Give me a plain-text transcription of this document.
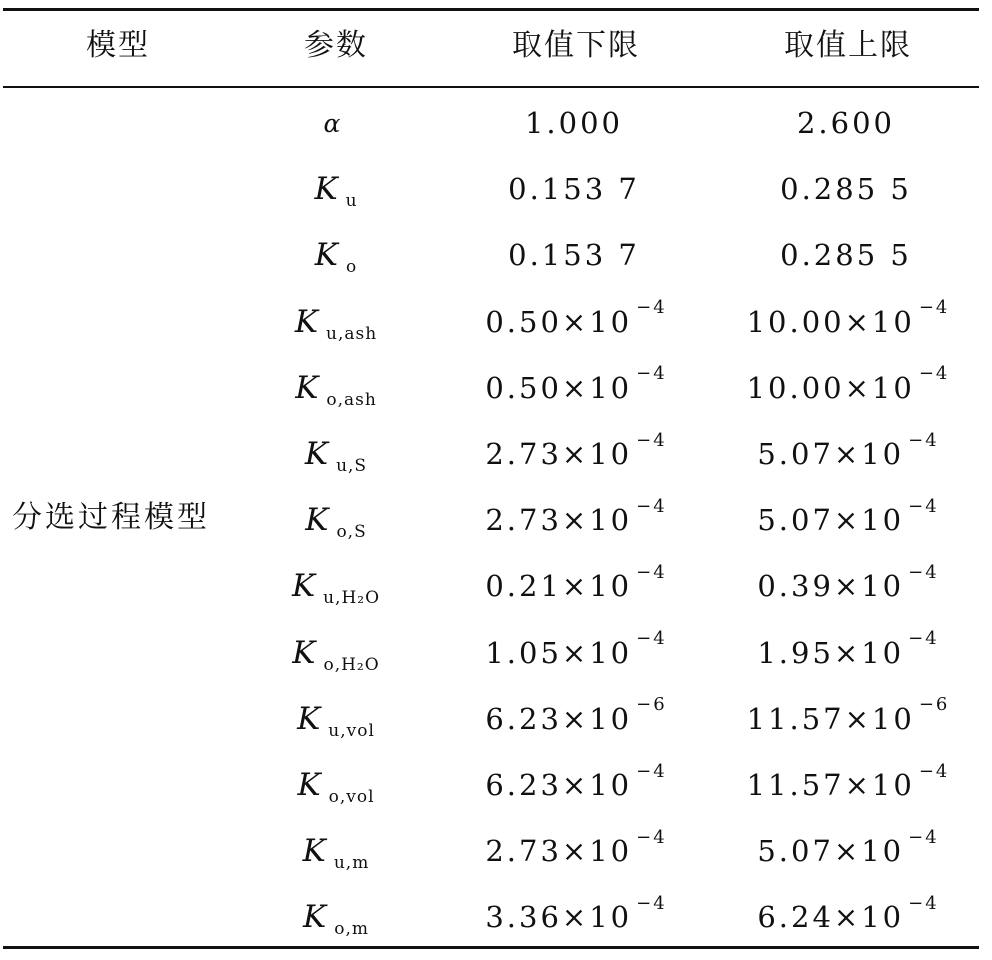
模型	参数	取值下限	取值上限
分选过程模型
α	1.000	2.600
K u	0.153 7	0.285 5
K o	0.153 7	0.285 5
K u,ash	0.50×10 −4	10.00×10 −4
K o,ash	0.50×10 −4	10.00×10 −4
K u,S	2.73×10 −4	5.07×10 −4
K o,S	2.73×10 −4	5.07×10 −4
K u,H₂O	0.21×10 −4	0.39×10 −4
K o,H₂O	1.05×10 −4	1.95×10 −4
K u,vol	6.23×10 −6	11.57×10 −6
K o,vol	6.23×10 −4	11.57×10 −4
K u,m	2.73×10 −4	5.07×10 −4
K o,m	3.36×10 −4	6.24×10 −4
